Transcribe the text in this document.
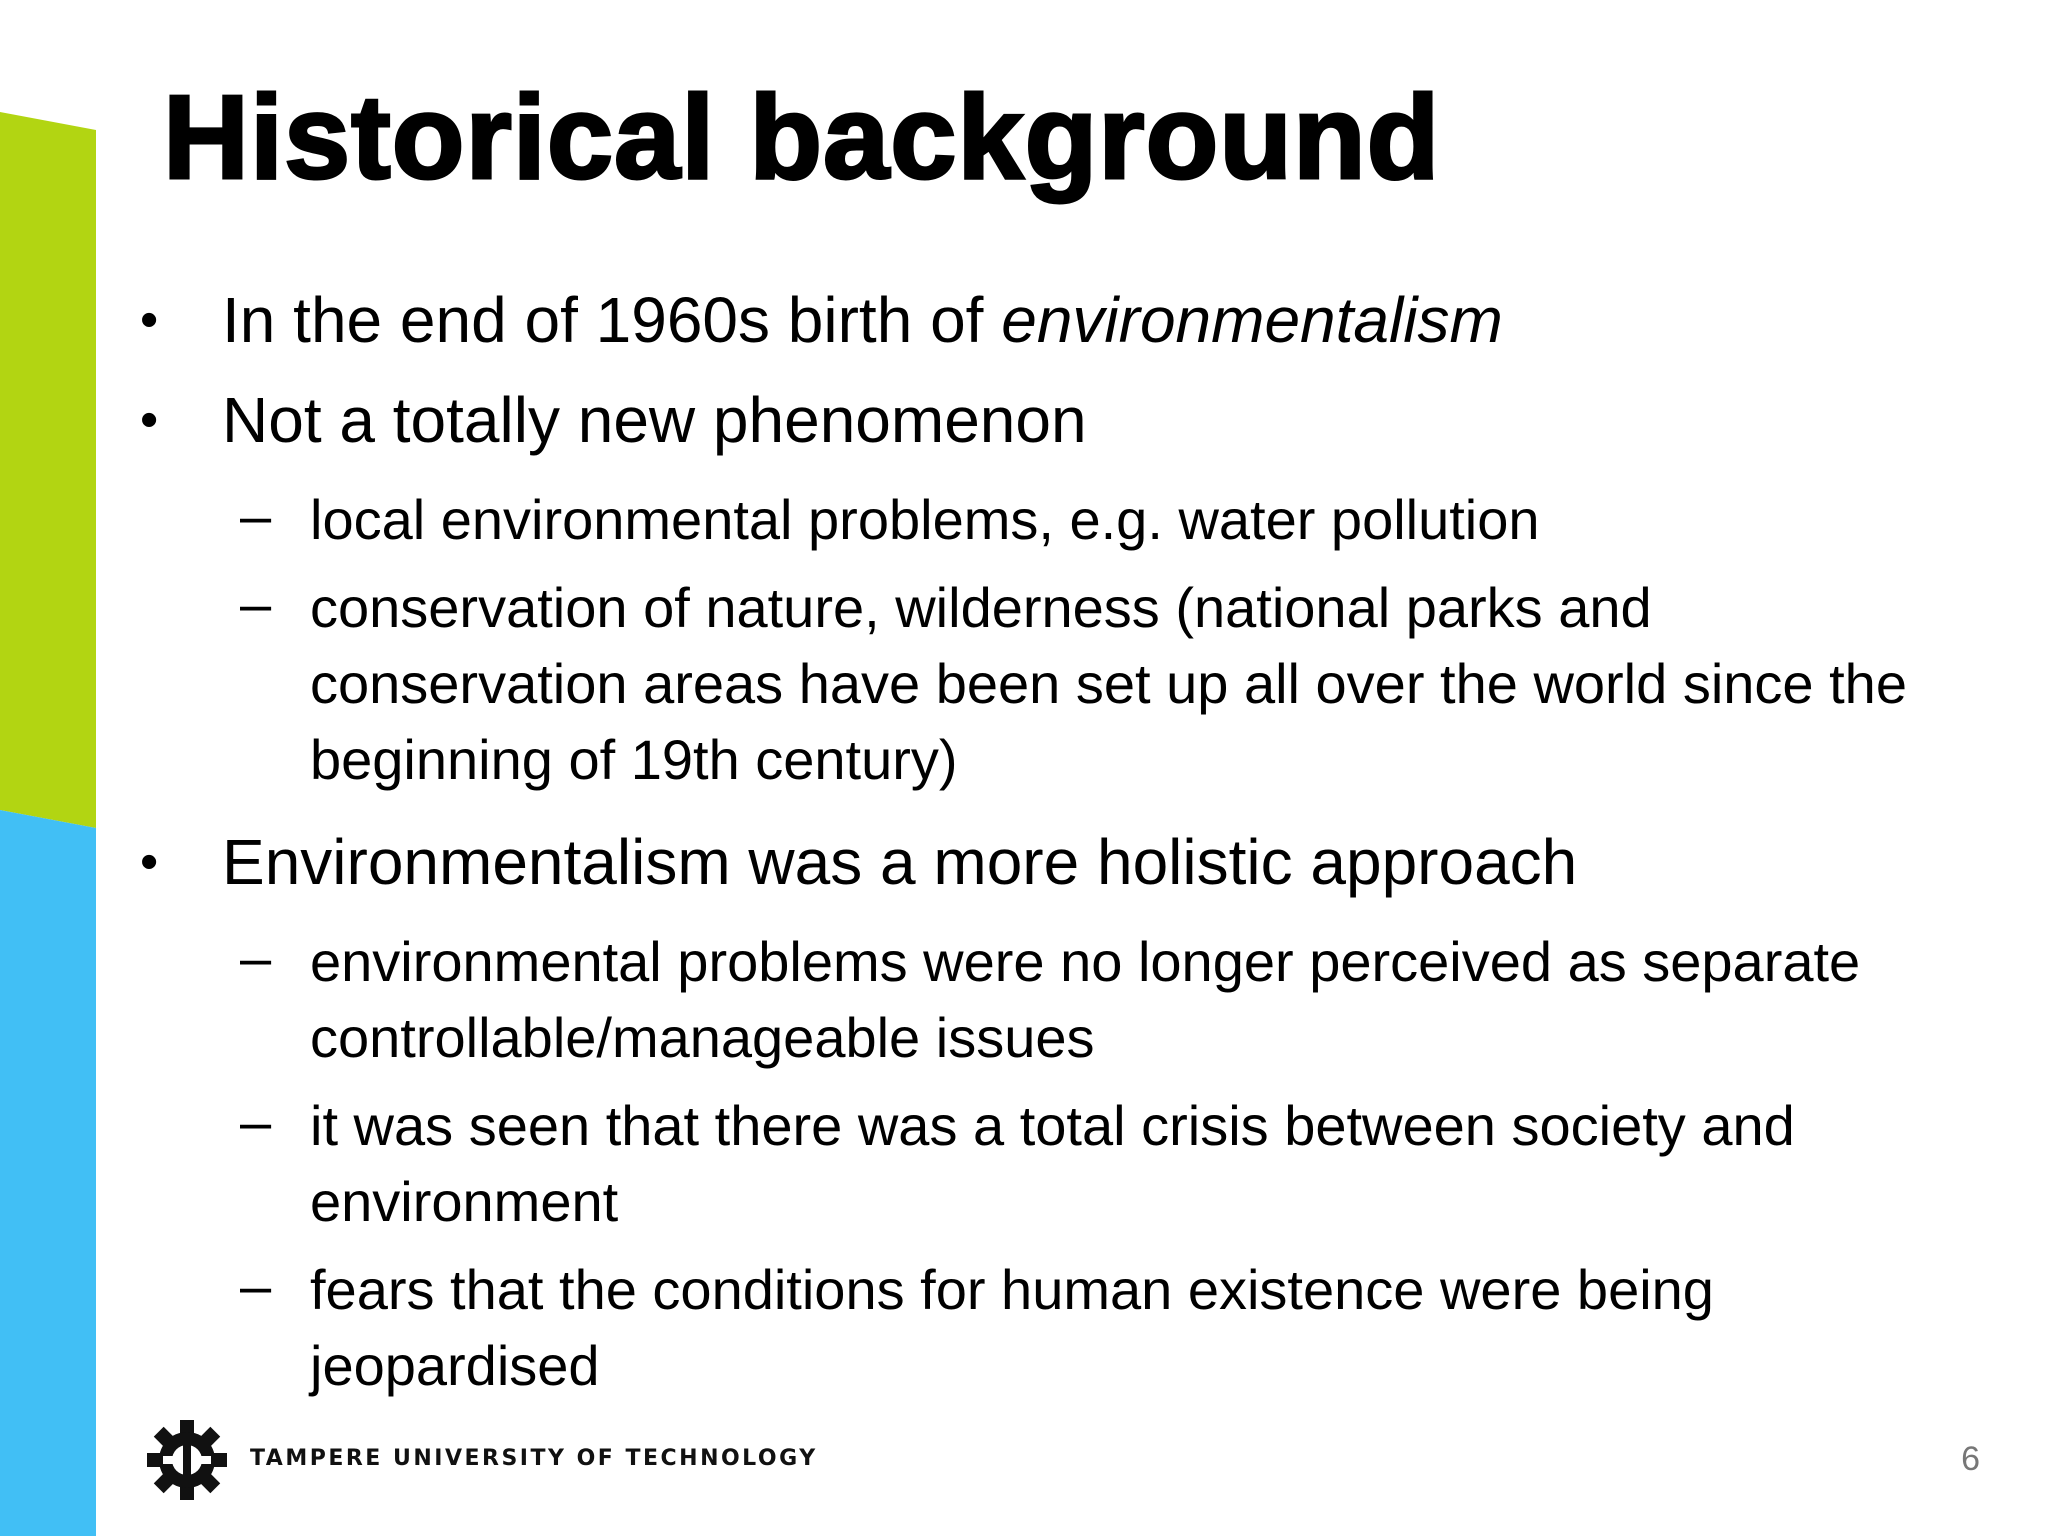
Historical background
• In the end of 1960s birth of environmentalism
• Not a totally new phenomenon
– local environmental problems, e.g. water pollution
– conservation of nature, wilderness (national parks and conservation areas have been set up all over the world since the beginning of 19th century)
• Environmentalism was a more holistic approach
– environmental problems were no longer perceived as separate controllable/manageable issues
– it was seen that there was a total crisis between society and environment
– fears that the conditions for human existence were being jeopardised
TAMPERE UNIVERSITY OF TECHNOLOGY	6
